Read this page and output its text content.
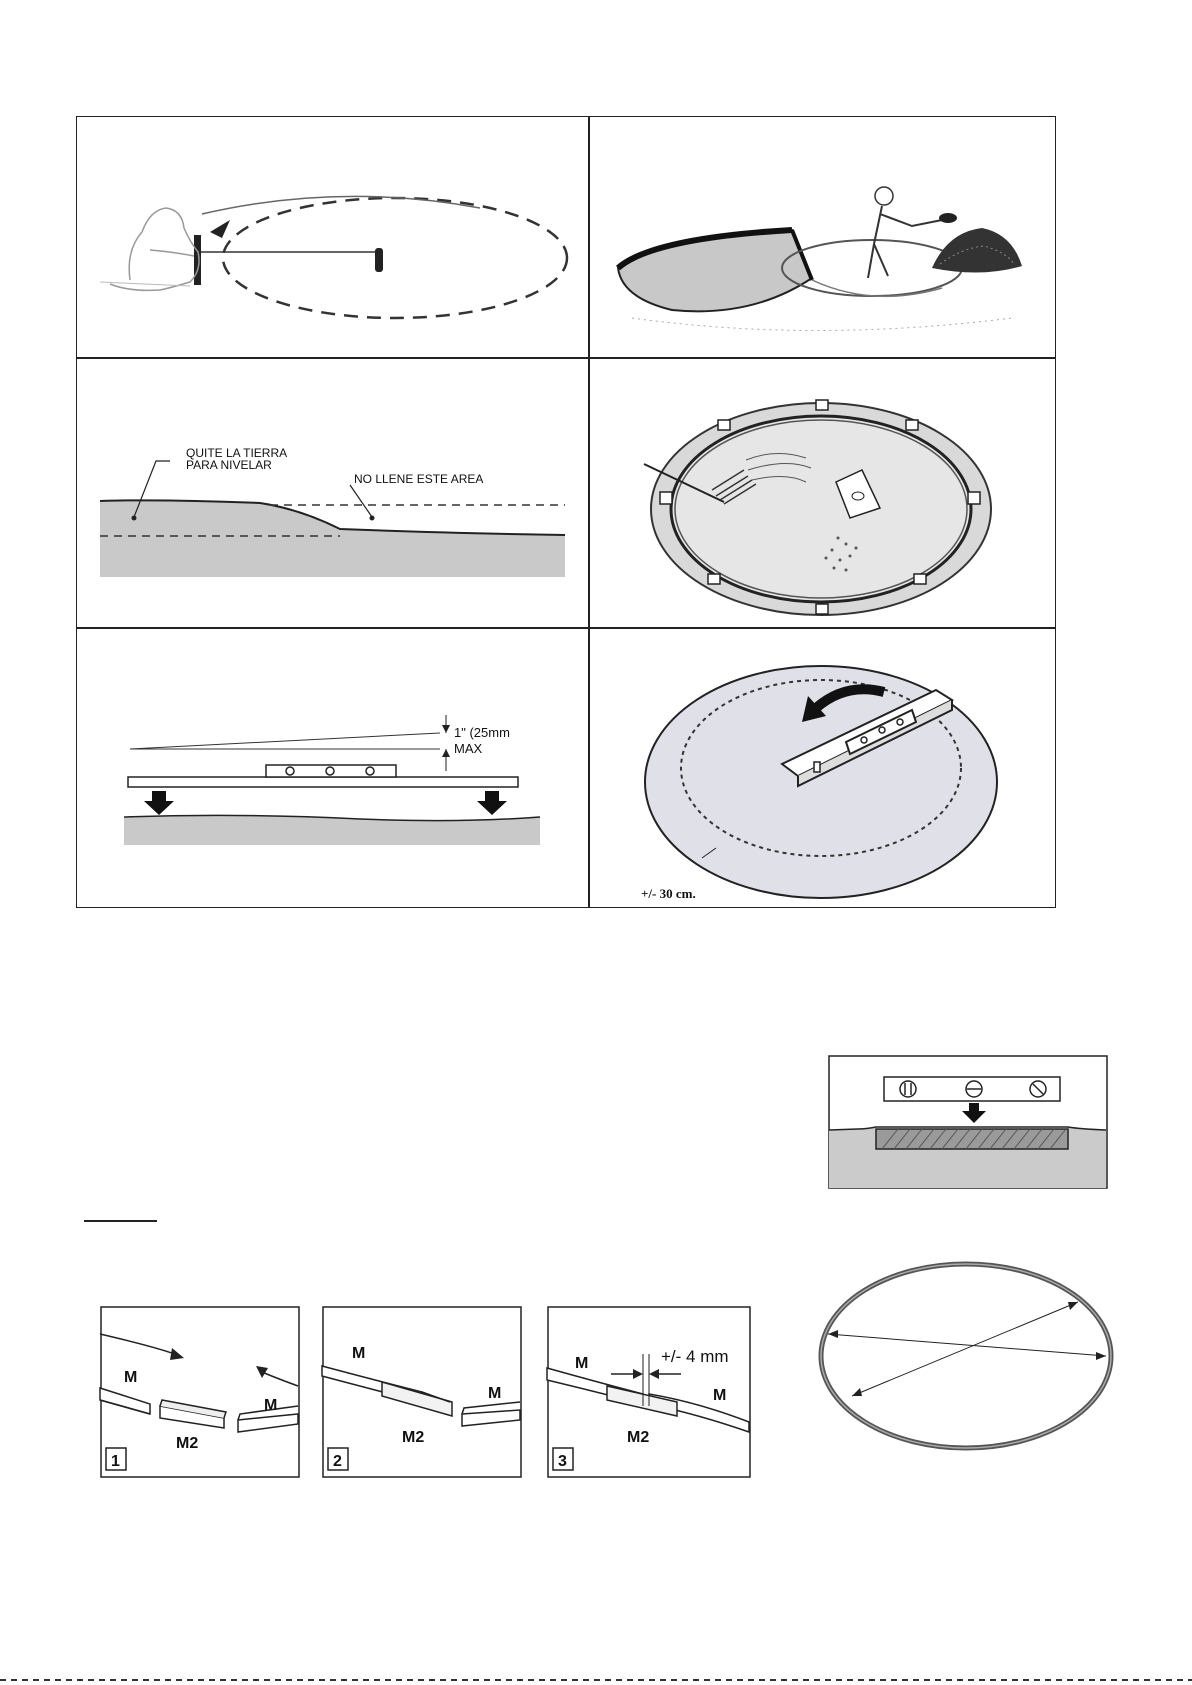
QUITE LA TIERRA
PARA NIVELAR
NO LLENE ESTE AREA
1" (25mm
MAX
+/- 30 cm.
M
M2
M
1
M
M2
M
2
M	+/- 4 mm
M2
M
3
